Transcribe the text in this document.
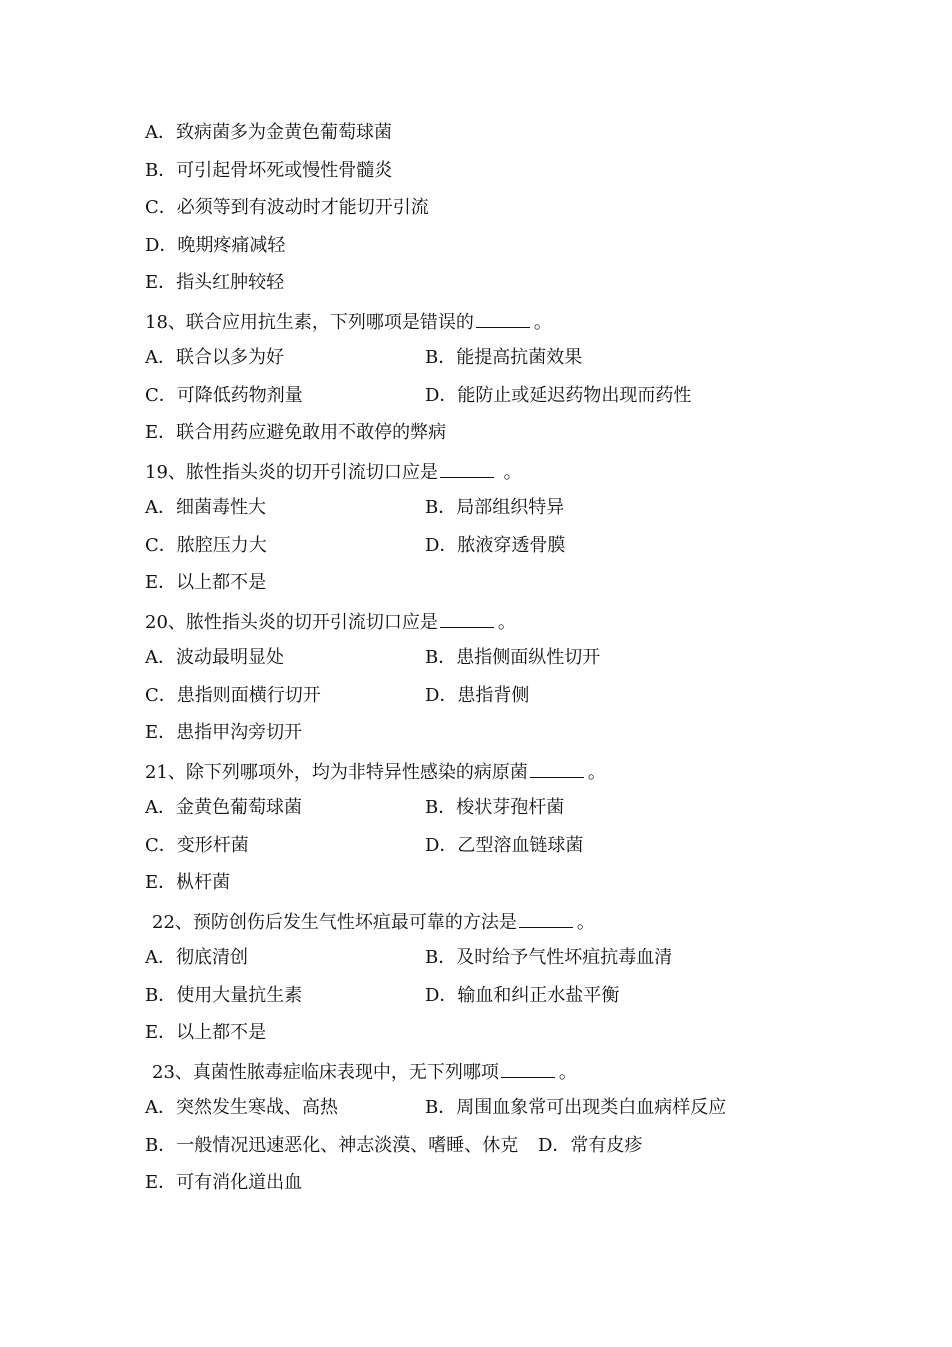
A．致病菌多为金黄色葡萄球菌

B．可引起骨坏死或慢性骨髓炎

C．必须等到有波动时才能切开引流

D．晚期疼痛减轻

E．指头红肿较轻

18、联合应用抗生素，下列哪项是错误的	。

A．联合以多为好	B．能提高抗菌效果
C．可降低药物剂量	D．能防止或延迟药物出现而药性

E．联合用药应避免敢用不敢停的弊病

19、脓性指头炎的切开引流切口应是	。

A．细菌毒性大	B．局部组织特异
C．脓腔压力大	D．脓液穿透骨膜

E．以上都不是

20、脓性指头炎的切开引流切口应是	。

A．波动最明显处	B．患指侧面纵性切开
C．患指则面横行切开	D．患指背侧

E．患指甲沟旁切开

21、除下列哪项外，均为非特异性感染的病原菌	。

A．金黄色葡萄球菌	B．梭状芽孢杆菌
C．变形杆菌	D．乙型溶血链球菌

E．枞杆菌

22、预防创伤后发生气性坏疽最可靠的方法是	。

A．彻底清创	B．及时给予气性坏疽抗毒血清
B．使用大量抗生素	D．输血和纠正水盐平衡

E．以上都不是

23、真菌性脓毒症临床表现中，无下列哪项	。

A．突然发生寒战、高热	B．周围血象常可出现类白血病样反应
B．一般情况迅速恶化、神志淡漠、嗜睡、休克 D．常有皮疹

E．可有消化道出血
